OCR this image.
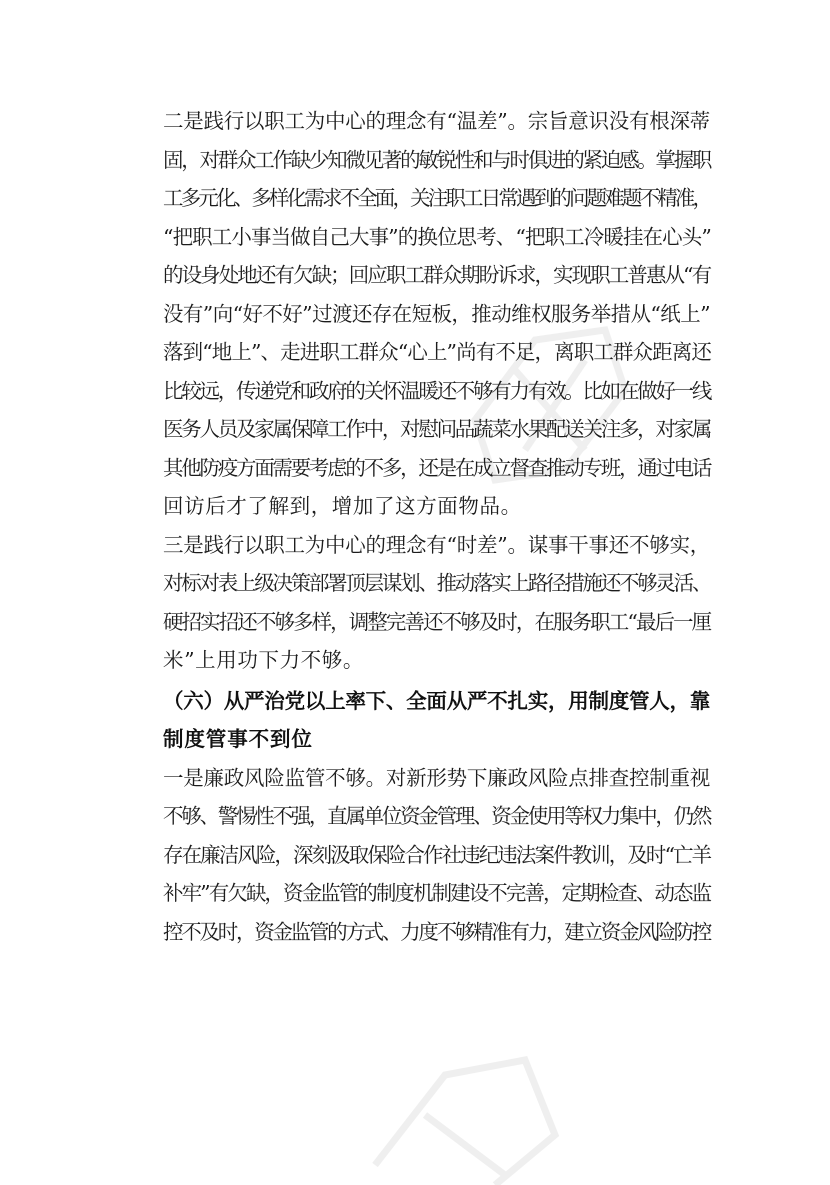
二是践行以职工为中心的理念有“温差”。宗旨意识没有根深蒂
固，对群众工作缺少知微见著的敏锐性和与时俱进的紧迫感。掌握职
工多元化、多样化需求不全面，关注职工日常遇到的问题难题不精准，
“把职工小事当做自己大事”的换位思考、“把职工冷暖挂在心头”
的设身处地还有欠缺；回应职工群众期盼诉求，实现职工普惠从“有
没有”向“好不好”过渡还存在短板，推动维权服务举措从“纸上”
落到“地上”、走进职工群众“心上”尚有不足，离职工群众距离还
比较远，传递党和政府的关怀温暖还不够有力有效。比如在做好一线
医务人员及家属保障工作中，对慰问品蔬菜水果配送关注多，对家属
其他防疫方面需要考虑的不多，还是在成立督查推动专班，通过电话
回访后才了解到，增加了这方面物品。

三是践行以职工为中心的理念有“时差”。谋事干事还不够实，
对标对表上级决策部署顶层谋划、推动落实上路径措施还不够灵活、
硬招实招还不够多样，调整完善还不够及时，在服务职工“最后一厘
米”上用功下力不够。

（六）从严治党以上率下、全面从严不扎实，用制度管人，靠
制度管事不到位

一是廉政风险监管不够。对新形势下廉政风险点排查控制重视
不够、警惕性不强，直属单位资金管理、资金使用等权力集中，仍然
存在廉洁风险，深刻汲取保险合作社违纪违法案件教训，及时“亡羊
补牢”有欠缺，资金监管的制度机制建设不完善，定期检查、动态监
控不及时，资金监管的方式、力度不够精准有力，建立资金风险防控
